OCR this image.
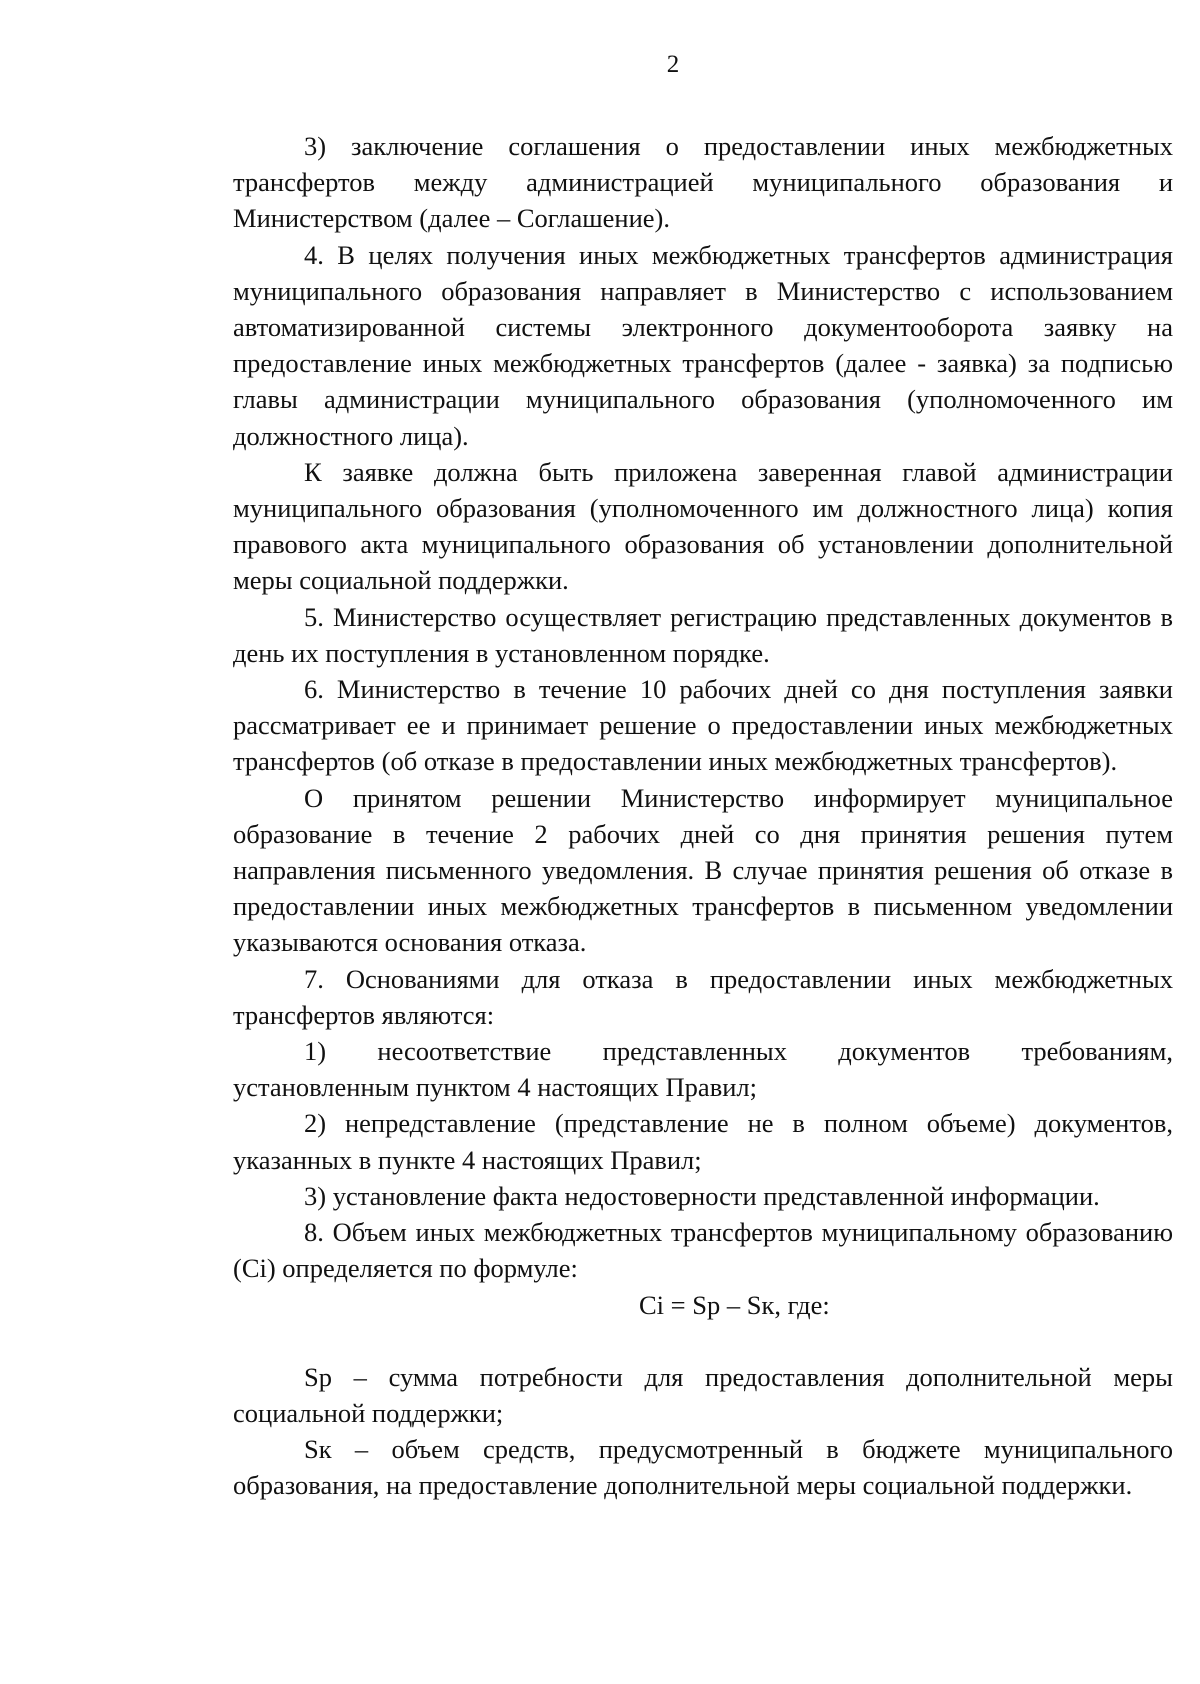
2

3) заключение соглашения о предоставлении иных межбюджетных трансфертов между администрацией муниципального образования и Министерством (далее – Соглашение).

4. В целях получения иных межбюджетных трансфертов администрация муниципального образования направляет в Министерство с использованием автоматизированной системы электронного документооборота заявку на предоставление иных межбюджетных трансфертов (далее - заявка) за подписью главы администрации муниципального образования (уполномоченного им должностного лица).

К заявке должна быть приложена заверенная главой администрации муниципального образования (уполномоченного им должностного лица) копия правового акта муниципального образования об установлении дополнительной меры социальной поддержки.

5. Министерство осуществляет регистрацию представленных документов в день их поступления в установленном порядке.

6. Министерство в течение 10 рабочих дней со дня поступления заявки рассматривает ее и принимает решение о предоставлении иных межбюджетных трансфертов (об отказе в предоставлении иных межбюджетных трансфертов).

О принятом решении Министерство информирует муниципальное образование в течение 2 рабочих дней со дня принятия решения путем направления письменного уведомления. В случае принятия решения об отказе в предоставлении иных межбюджетных трансфертов в письменном уведомлении указываются основания отказа.

7. Основаниями для отказа в предоставлении иных межбюджетных трансфертов являются:

1) несоответствие представленных документов требованиям, установленным пунктом 4 настоящих Правил;

2) непредставление (представление не в полном объеме) документов, указанных в пункте 4 настоящих Правил;

3) установление факта недостоверности представленной информации.

8. Объем иных межбюджетных трансфертов муниципальному образованию (Ci) определяется по формуле:

Ci = Sp – Sк, где:

Sp – сумма потребности для предоставления дополнительной меры социальной поддержки;

Sк – объем средств, предусмотренный в бюджете муниципального образования, на предоставление дополнительной меры социальной поддержки.
